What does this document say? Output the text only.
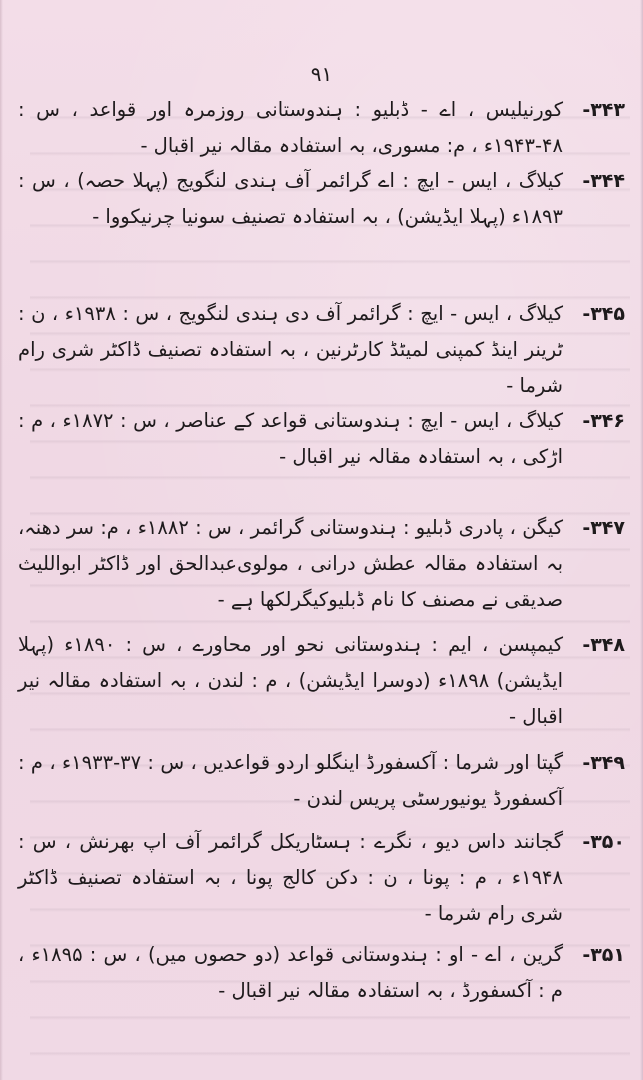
۹۱
-۳۴۳
کورنیلیس ، اے - ڈبلیو : ہندوستانی روزمرہ اور قواعد ، س : ۴۸-۱۹۴۳ء ، م: مسوری، بہ استفادہ مقالہ نیر اقبال -
-۳۴۴
کیلاگ ، ایس - ایچ : اے گرائمر آف ہندی لنگویج (پہلا حصہ) ، س : ۱۸۹۳ء (پہلا ایڈیشن) ، بہ استفادہ تصنیف سونیا چرنیکووا -
-۳۴۵
کیلاگ ، ایس - ایچ : گرائمر آف دی ہندی لنگویج ، س : ۱۹۳۸ء ، ن : ٹرینر اینڈ کمپنی لمیٹڈ کارٹرنین ، بہ استفادہ تصنیف ڈاکٹر شری رام شرما -
-۳۴۶
کیلاگ ، ایس - ایچ : ہندوستانی قواعد کے عناصر ، س : ۱۸۷۲ء ، م : اڑکی ، بہ استفادہ مقالہ نیر اقبال -
-۳۴۷
کیگن ، پادری ڈبلیو : ہندوستانی گرائمر ، س : ۱۸۸۲ء ، م: سر دھنہ، بہ استفادہ مقالہ عطش درانی ، مولوی‌عبدالحق اور ڈاکٹر ابواللیث صدیقی نے مصنف کا نام ڈبلیوکیگرلکھا ہے -
-۳۴۸
کیمپسن ، ایم : ہندوستانی نحو اور محاورے ، س : ۱۸۹۰ء (پہلا ایڈیشن) ۱۸۹۸ء (دوسرا ایڈیشن) ، م : لندن ، بہ استفادہ مقالہ نیر اقبال -
-۳۴۹
گپتا اور شرما : آکسفورڈ اینگلو اردو قواعدیں ، س : ۳۷-۱۹۳۳ء ، م : آکسفورڈ یونیورسٹی پریس لندن -
-۳۵۰
گجانند داس دیو ، نگرے : ہسٹاریکل گرائمر آف اپ بھرنش ، س : ۱۹۴۸ء ، م : پونا ، ن : دکن کالج پونا ، بہ استفادہ تصنیف ڈاکٹر شری رام شرما -
-۳۵۱
گرین ، اے - او : ہندوستانی قواعد (دو حصوں میں) ، س : ۱۸۹۵ء ، م : آکسفورڈ ، بہ استفادہ مقالہ نیر اقبال -
